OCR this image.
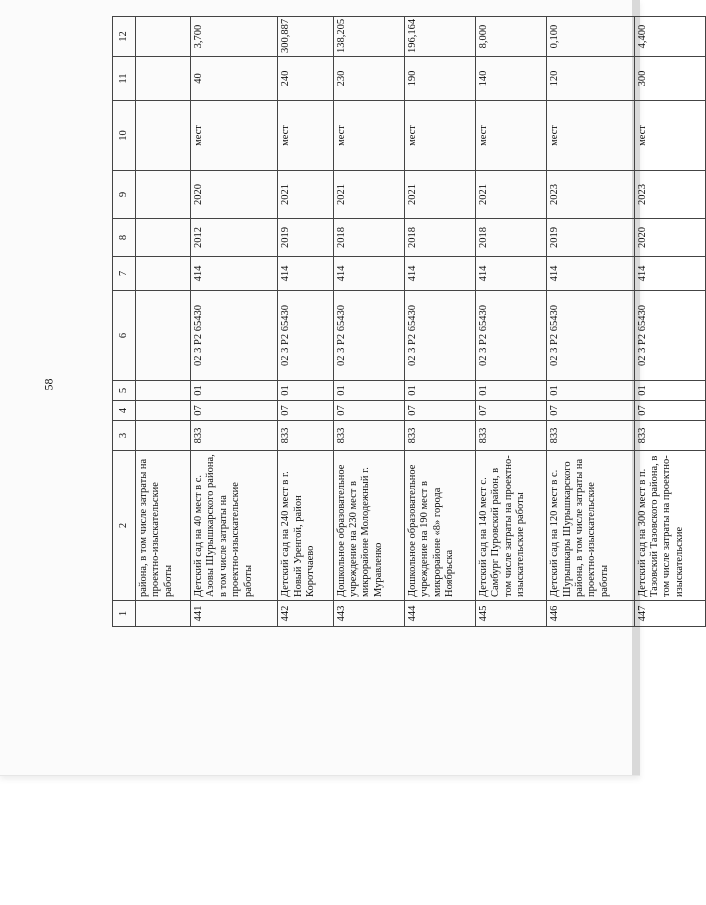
58
1	2	3	4	5	6	7	8	9	10	11	12
	района, в том числе затраты на проектно-изыскательские работы										
441	Детский сад на 40 мест в с. Азовы Шурышкарского района, в том числе затраты на проектно-изыскательские работы	833	07	01	02 3 Р2 65430	414	2012	2020	мест	40	3,700
442	Детский сад на 240 мест в г. Новый Уренгой, район Коротчаево	833	07	01	02 3 Р2 65430	414	2019	2021	мест	240	300,887
443	Дошкольное образовательное учреждение на 230 мест в микрорайоне Молодежный г. Муравленко	833	07	01	02 3 Р2 65430	414	2018	2021	мест	230	138,205
444	Дошкольное образовательное учреждение на 190 мест в микрорайоне «8» города Ноябрьска	833	07	01	02 3 Р2 65430	414	2018	2021	мест	190	196,164
445	Детский сад на 140 мест с. Самбург Пуровский район, в том числе затраты на проектно-изыскательские работы	833	07	01	02 3 Р2 65430	414	2018	2021	мест	140	8,000
446	Детский сад на 120 мест в с. Шурышкары Шурышкарского района, в том числе затраты на проектно-изыскательские работы	833	07	01	02 3 Р2 65430	414	2019	2023	мест	120	0,100
447	Детский сад на 300 мест в п. Тазовский Тазовского района, в том числе затраты на проектно-изыскательские	833	07	01	02 3 Р2 65430	414	2020	2023	мест	300	4,400
